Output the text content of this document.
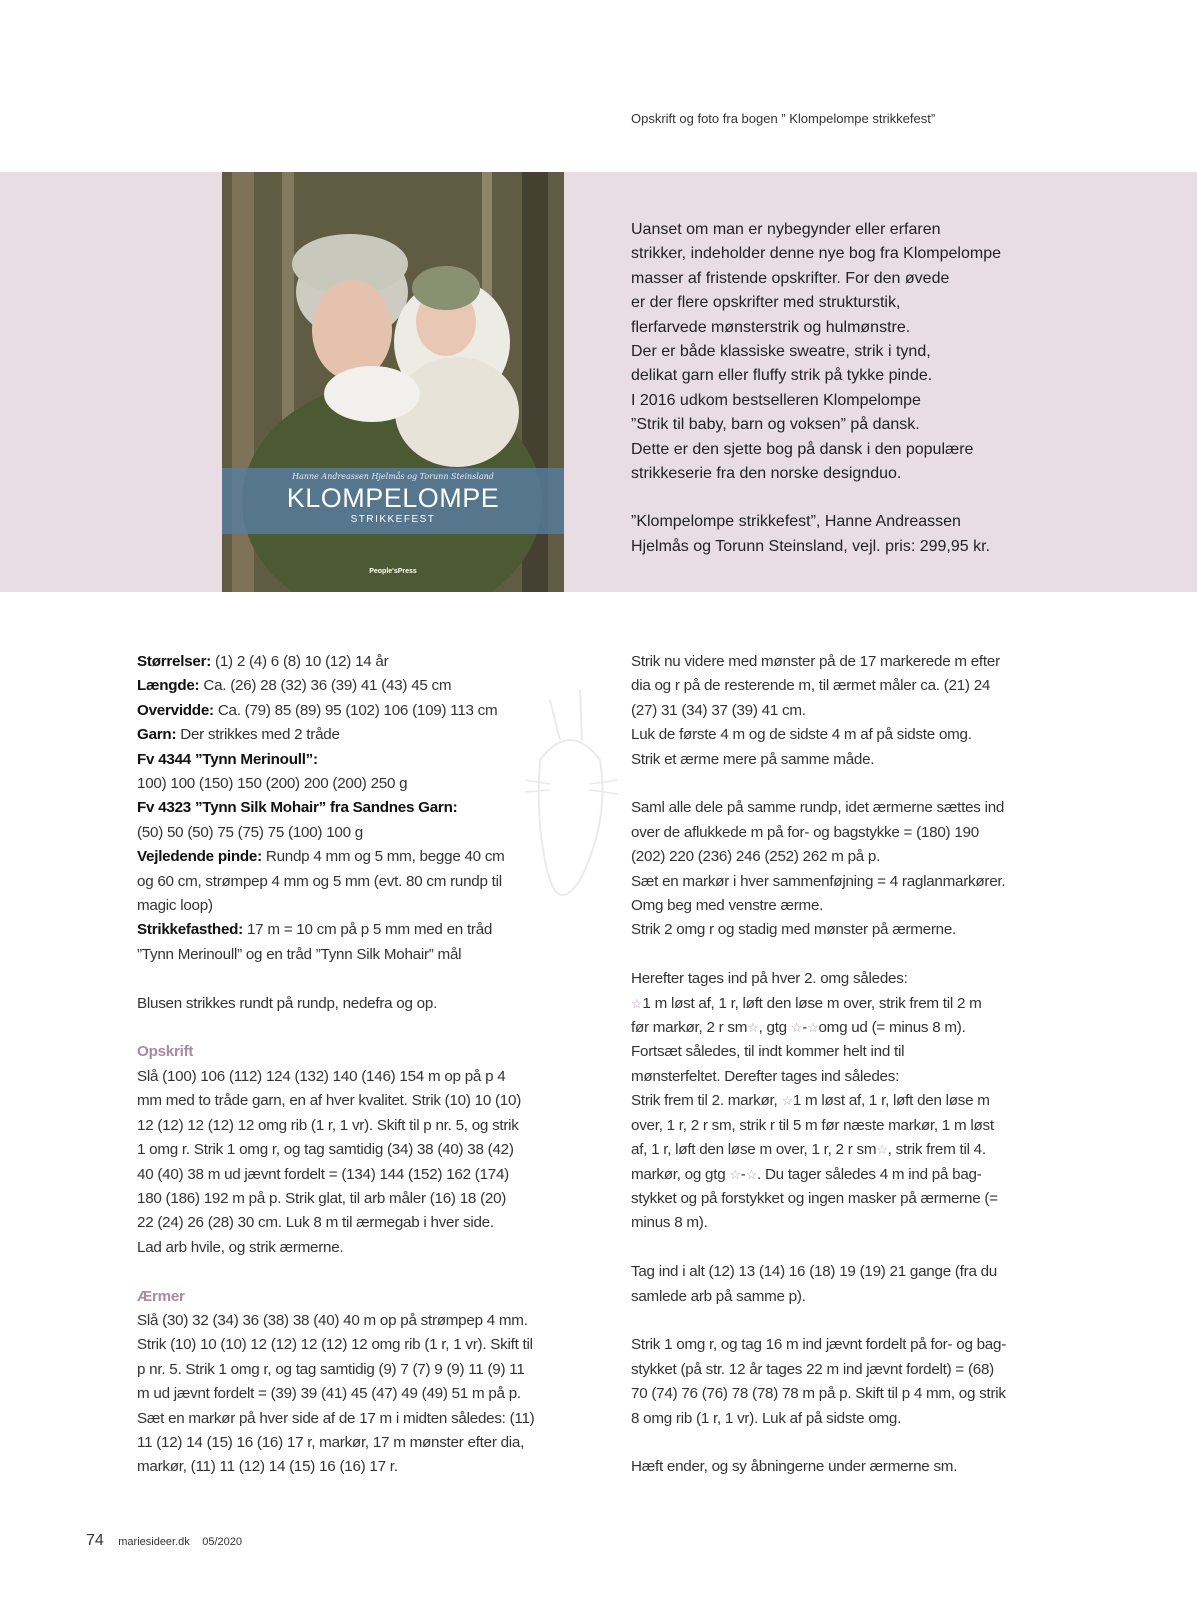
Opskrift og foto fra bogen ” Klompelompe strikkefest”
Hanne Andreassen Hjelmås og Torunn Steinsland
KLOMPELOMPE
STRIKKEFEST
People'sPress

Uanset om man er nybegynder eller erfaren
strikker, indeholder denne nye bog fra Klompelompe
masser af fristende opskrifter. For den øvede
er der flere opskrifter med strukturstik,
flerfarvede mønsterstrik og hulmønstre.
Der er både klassiske sweatre, strik i tynd,
delikat garn eller fluffy strik på tykke pinde.
I 2016 udkom bestselleren Klompelompe
”Strik til baby, barn og voksen” på dansk.
Dette er den sjette bog på dansk i den populære
strikkeserie fra den norske designduo.

”Klompelompe strikkefest”, Hanne Andreassen
Hjelmås og Torunn Steinsland, vejl. pris: 299,95 kr.

Størrelser: (1) 2 (4) 6 (8) 10 (12) 14 år
Længde: Ca. (26) 28 (32) 36 (39) 41 (43) 45 cm
Overvidde: Ca. (79) 85 (89) 95 (102) 106 (109) 113 cm
Garn: Der strikkes med 2 tråde
Fv 4344 ”Tynn Merinoull”:
100) 100 (150) 150 (200) 200 (200) 250 g
Fv 4323 ”Tynn Silk Mohair” fra Sandnes Garn:
(50) 50 (50) 75 (75) 75 (100) 100 g
Vejledende pinde: Rundp 4 mm og 5 mm, begge 40 cm
og 60 cm, strømpep 4 mm og 5 mm (evt. 80 cm rundp til
magic loop)
Strikkefasthed: 17 m = 10 cm på p 5 mm med en tråd
”Tynn Merinoull” og en tråd ”Tynn Silk Mohair” mål
Blusen strikkes rundt på rundp, nedefra og op.
Opskrift
Slå (100) 106 (112) 124 (132) 140 (146) 154 m op på p 4
mm med to tråde garn, en af hver kvalitet. Strik (10) 10 (10)
12 (12) 12 (12) 12 omg rib (1 r, 1 vr). Skift til p nr. 5, og strik
1 omg r. Strik 1 omg r, og tag samtidig (34) 38 (40) 38 (42)
40 (40) 38 m ud jævnt fordelt = (134) 144 (152) 162 (174)
180 (186) 192 m på p. Strik glat, til arb måler (16) 18 (20)
22 (24) 26 (28) 30 cm. Luk 8 m til ærmegab i hver side.
Lad arb hvile, og strik ærmerne.
Ærmer
Slå (30) 32 (34) 36 (38) 38 (40) 40 m op på strømpep 4 mm.
Strik (10) 10 (10) 12 (12) 12 (12) 12 omg rib (1 r, 1 vr). Skift til
p nr. 5. Strik 1 omg r, og tag samtidig (9) 7 (7) 9 (9) 11 (9) 11
m ud jævnt fordelt = (39) 39 (41) 45 (47) 49 (49) 51 m på p.
Sæt en markør på hver side af de 17 m i midten således: (11)
11 (12) 14 (15) 16 (16) 17 r, markør, 17 m mønster efter dia,
markør, (11) 11 (12) 14 (15) 16 (16) 17 r.
Strik nu videre med mønster på de 17 markerede m efter
dia og r på de resterende m, til ærmet måler ca. (21) 24
(27) 31 (34) 37 (39) 41 cm.
Luk de første 4 m og de sidste 4 m af på sidste omg.
Strik et ærme mere på samme måde.
Saml alle dele på samme rundp, idet ærmerne sættes ind
over de aflukkede m på for- og bagstykke = (180) 190
(202) 220 (236) 246 (252) 262 m på p.
Sæt en markør i hver sammenføjning = 4 raglanmarkører.
Omg beg med venstre ærme.
Strik 2 omg r og stadig med mønster på ærmerne.
Herefter tages ind på hver 2. omg således:
☆1 m løst af, 1 r, løft den løse m over, strik frem til 2 m
før markør, 2 r sm☆, gtg ☆-☆omg ud (= minus 8 m).
Fortsæt således, til indt kommer helt ind til
mønsterfeltet. Derefter tages ind således:
Strik frem til 2. markør, ☆1 m løst af, 1 r, løft den løse m
over, 1 r, 2 r sm, strik r til 5 m før næste markør, 1 m løst
af, 1 r, løft den løse m over, 1 r, 2 r sm☆, strik frem til 4.
markør, og gtg ☆-☆. Du tager således 4 m ind på bag-
stykket og på forstykket og ingen masker på ærmerne (=
minus 8 m).
Tag ind i alt (12) 13 (14) 16 (18) 19 (19) 21 gange (fra du
samlede arb på samme p).
Strik 1 omg r, og tag 16 m ind jævnt fordelt på for- og bag-
stykket (på str. 12 år tages 22 m ind jævnt fordelt) = (68)
70 (74) 76 (76) 78 (78) 78 m på p. Skift til p 4 mm, og strik
8 omg rib (1 r, 1 vr). Luk af på sidste omg.
Hæft ender, og sy åbningerne under ærmerne sm.
74 mariesideer.dk 05/2020
